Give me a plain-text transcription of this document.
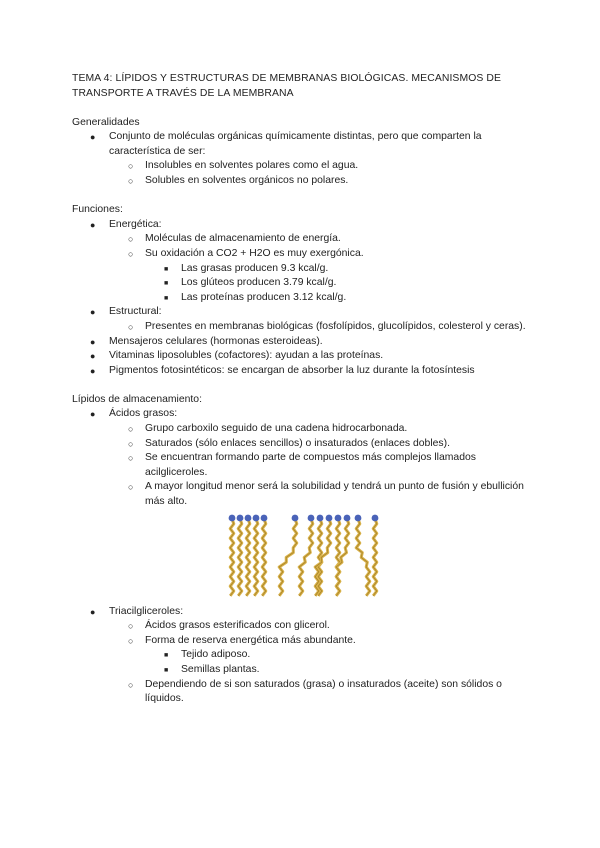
TEMA 4: LÍPIDOS Y ESTRUCTURAS DE MEMBRANAS BIOLÓGICAS. MECANISMOS DE TRANSPORTE A TRAVÉS DE LA MEMBRANA
Generalidades
● Conjunto de moléculas orgánicas químicamente distintas, pero que comparten la característica de ser:
○ Insolubles en solventes polares como el agua.
○ Solubles en solventes orgánicos no polares.
Funciones:
● Energética:
○ Moléculas de almacenamiento de energía.
○ Su oxidación a CO2 + H2O es muy exergónica.
■ Las grasas producen 9.3 kcal/g.
■ Los glúteos producen 3.79 kcal/g.
■ Las proteínas producen 3.12 kcal/g.
● Estructural:
○ Presentes en membranas biológicas (fosfolípidos, glucolípidos, colesterol y ceras).
● Mensajeros celulares (hormonas esteroideas).
● Vitaminas liposolubles (cofactores): ayudan a las proteínas.
● Pigmentos fotosintéticos: se encargan de absorber la luz durante la fotosíntesis
Lípidos de almacenamiento:
● Ácidos grasos:
○ Grupo carboxilo seguido de una cadena hidrocarbonada.
○ Saturados (sólo enlaces sencillos) o insaturados (enlaces dobles).
○ Se encuentran formando parte de compuestos más complejos llamados acilgliceroles.
○ A mayor longitud menor será la solubilidad y tendrá un punto de fusión y ebullición más alto.
● Triacilgliceroles:
○ Ácidos grasos esterificados con glicerol.
○ Forma de reserva energética más abundante.
■ Tejido adiposo.
■ Semillas plantas.
○ Dependiendo de si son saturados (grasa) o insaturados (aceite) son sólidos o líquidos.
